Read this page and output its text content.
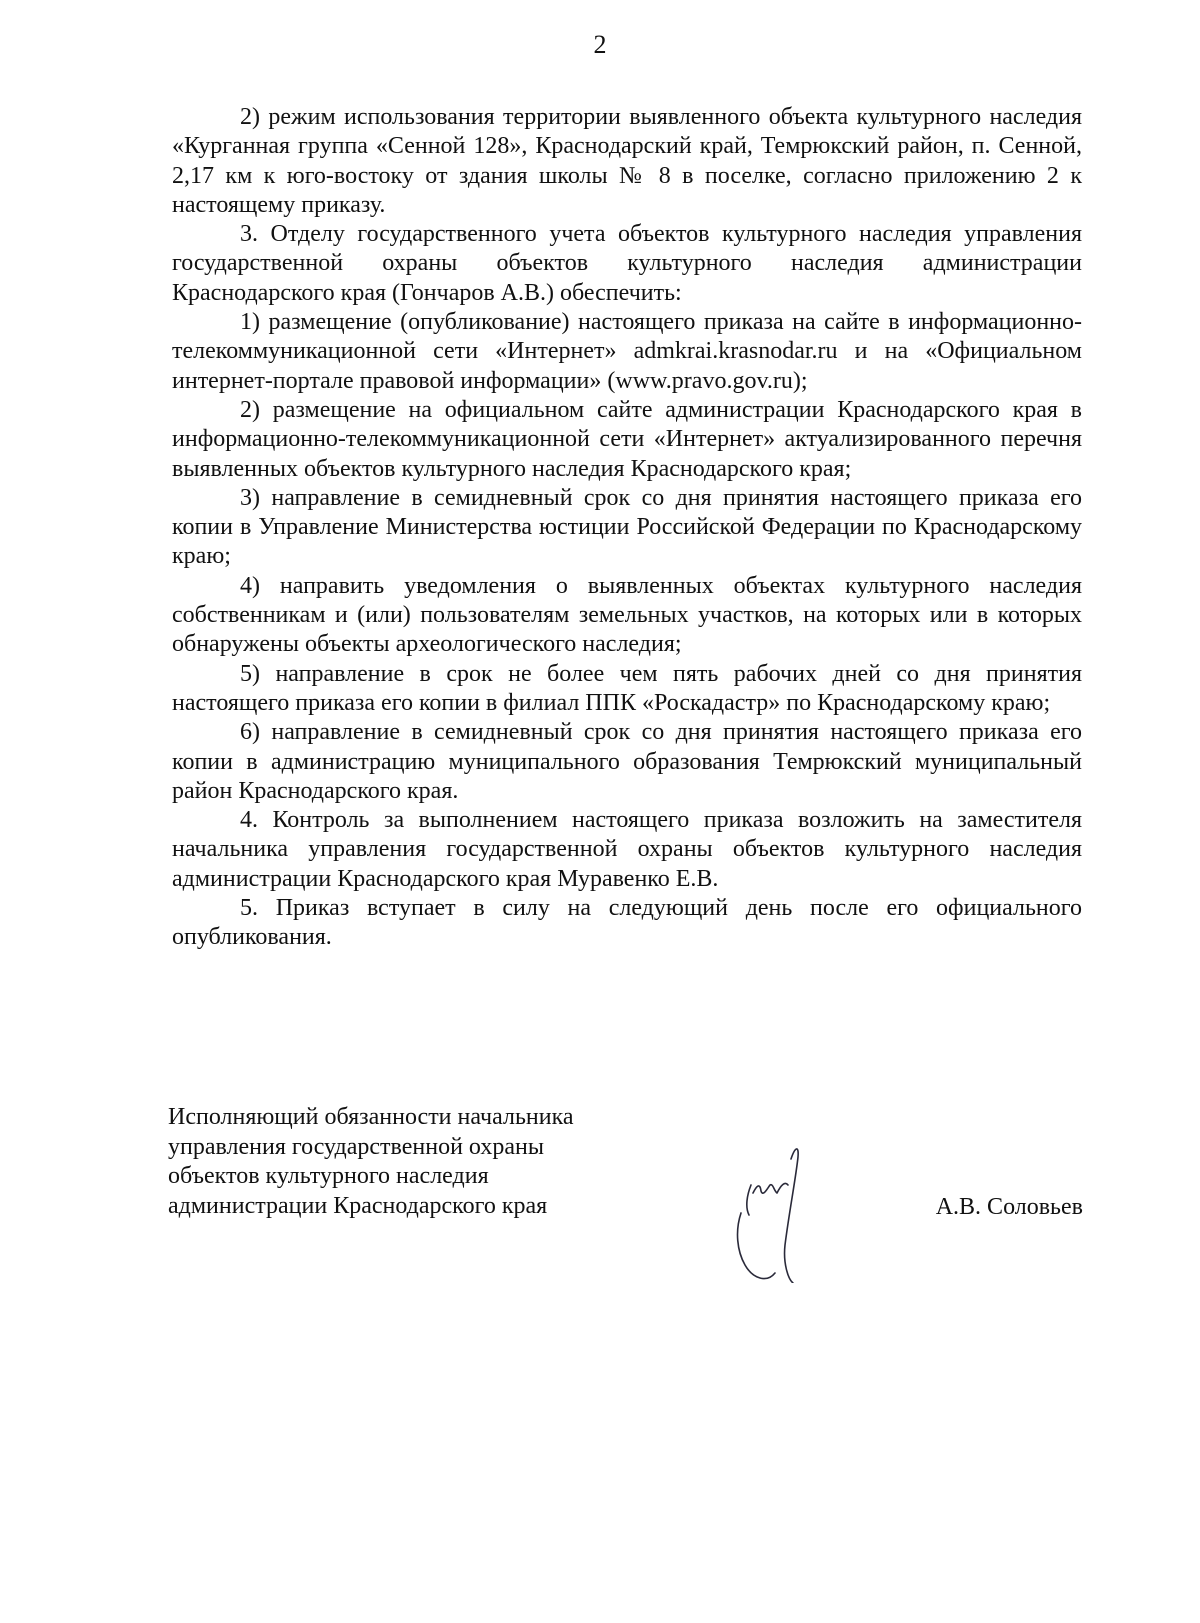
2

2) режим использования территории выявленного объекта культурного наследия «Курганная группа «Сенной 128», Краснодарский край, Темрюкский район, п. Сенной, 2,17 км к юго-востоку от здания школы № 8 в поселке, согласно приложению 2 к настоящему приказу.

3. Отделу государственного учета объектов культурного наследия управления государственной охраны объектов культурного наследия администрации Краснодарского края (Гончаров А.В.) обеспечить:

1) размещение (опубликование) настоящего приказа на сайте в информационно-телекоммуникационной сети «Интернет» admkrai.krasnodar.ru и на «Официальном интернет-портале правовой информации» (www.pravo.gov.ru);

2) размещение на официальном сайте администрации Краснодарского края в информационно-телекоммуникационной сети «Интернет» актуализированного перечня выявленных объектов культурного наследия Краснодарского края;

3) направление в семидневный срок со дня принятия настоящего приказа его копии в Управление Министерства юстиции Российской Федерации по Краснодарскому краю;

4) направить уведомления о выявленных объектах культурного наследия собственникам и (или) пользователям земельных участков, на которых или в которых обнаружены объекты археологического наследия;

5) направление в срок не более чем пять рабочих дней со дня принятия настоящего приказа его копии в филиал ППК «Роскадастр» по Краснодарскому краю;

6) направление в семидневный срок со дня принятия настоящего приказа его копии в администрацию муниципального образования Темрюкский муниципальный район Краснодарского края.

4. Контроль за выполнением настоящего приказа возложить на заместителя начальника управления государственной охраны объектов культурного наследия администрации Краснодарского края Муравенко Е.В.

5. Приказ вступает в силу на следующий день после его официального опубликования.

Исполняющий обязанности начальника
управления государственной охраны
объектов культурного наследия
администрации Краснодарского края	А.В. Соловьев
